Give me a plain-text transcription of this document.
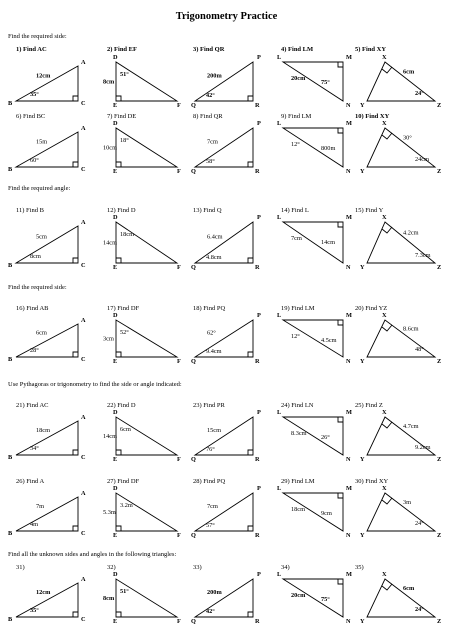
Trigonometry Practice
Find the required side:
Find the required angle:
Find the required side:
Use Pythagoras or trigonometry to find the side or angle indicated:
Find all the unknown sides and angles in the following triangles:
1) Find AC	2) Find EF	3) Find QR	4) Find LM	5) Find XY
6) Find BC	7) Find DE	8) Find QR	9) Find LM	10) Find XY
11) Find B	12) Find D	13) Find Q	14) Find L	15) Find Y
16) Find AB	17) Find DF	18) Find PQ	19) Find LM	20) Find YZ
21) Find AC	22) Find D	23) Find PR	24) Find LN	25) Find Z
26) Find A	27) Find DF	28) Find PQ	29) Find LM	30) Find XY
31)	32)	33)	34)	35)
A
B	C
12cm
35°
D
E	F
51°
8cm
P
Q	R
200m
42°
L	M
N
20cm
75°
X
Y	Z
6cm
24°
A
B	C
15m
60°
D
E	F
18°
10cm
P
Q	R
7cm
58°
L	M
N
12°
800m
X
Y	Z
30°
24cm
A
B	C
5cm
8cm
D
E	F
18cm
14cm
P
Q	R
6.4cm
4.8cm
L	M
N
7cm
14cm
X
Y	Z
4.2cm
7.3cm
A
B	C
6cm
28°
D
E	F
52°
3cm
P
Q	R
62°
9.4cm
L	M
N
12°
4.5cm
X
Y	Z
8.6cm
48°
A
B	C
18cm
34°
D
E	F
6cm
14cm
P
Q	R
15cm
76°
L	M
N
8.3cm
26°
X
Y	Z
4.7cm
9.2cm
A
B	C
7m
4m
D
E	F
3.2m
5.3m
P
Q	R
7cm
57°
L	M
N
18cm
9cm
X
Y	Z
3m
24°
A
B	C
12cm
35°
D
E	F
51°
8cm
P
Q	R
200m
42°
L	M
N
20cm
75°
X
Y	Z
6cm
24°
